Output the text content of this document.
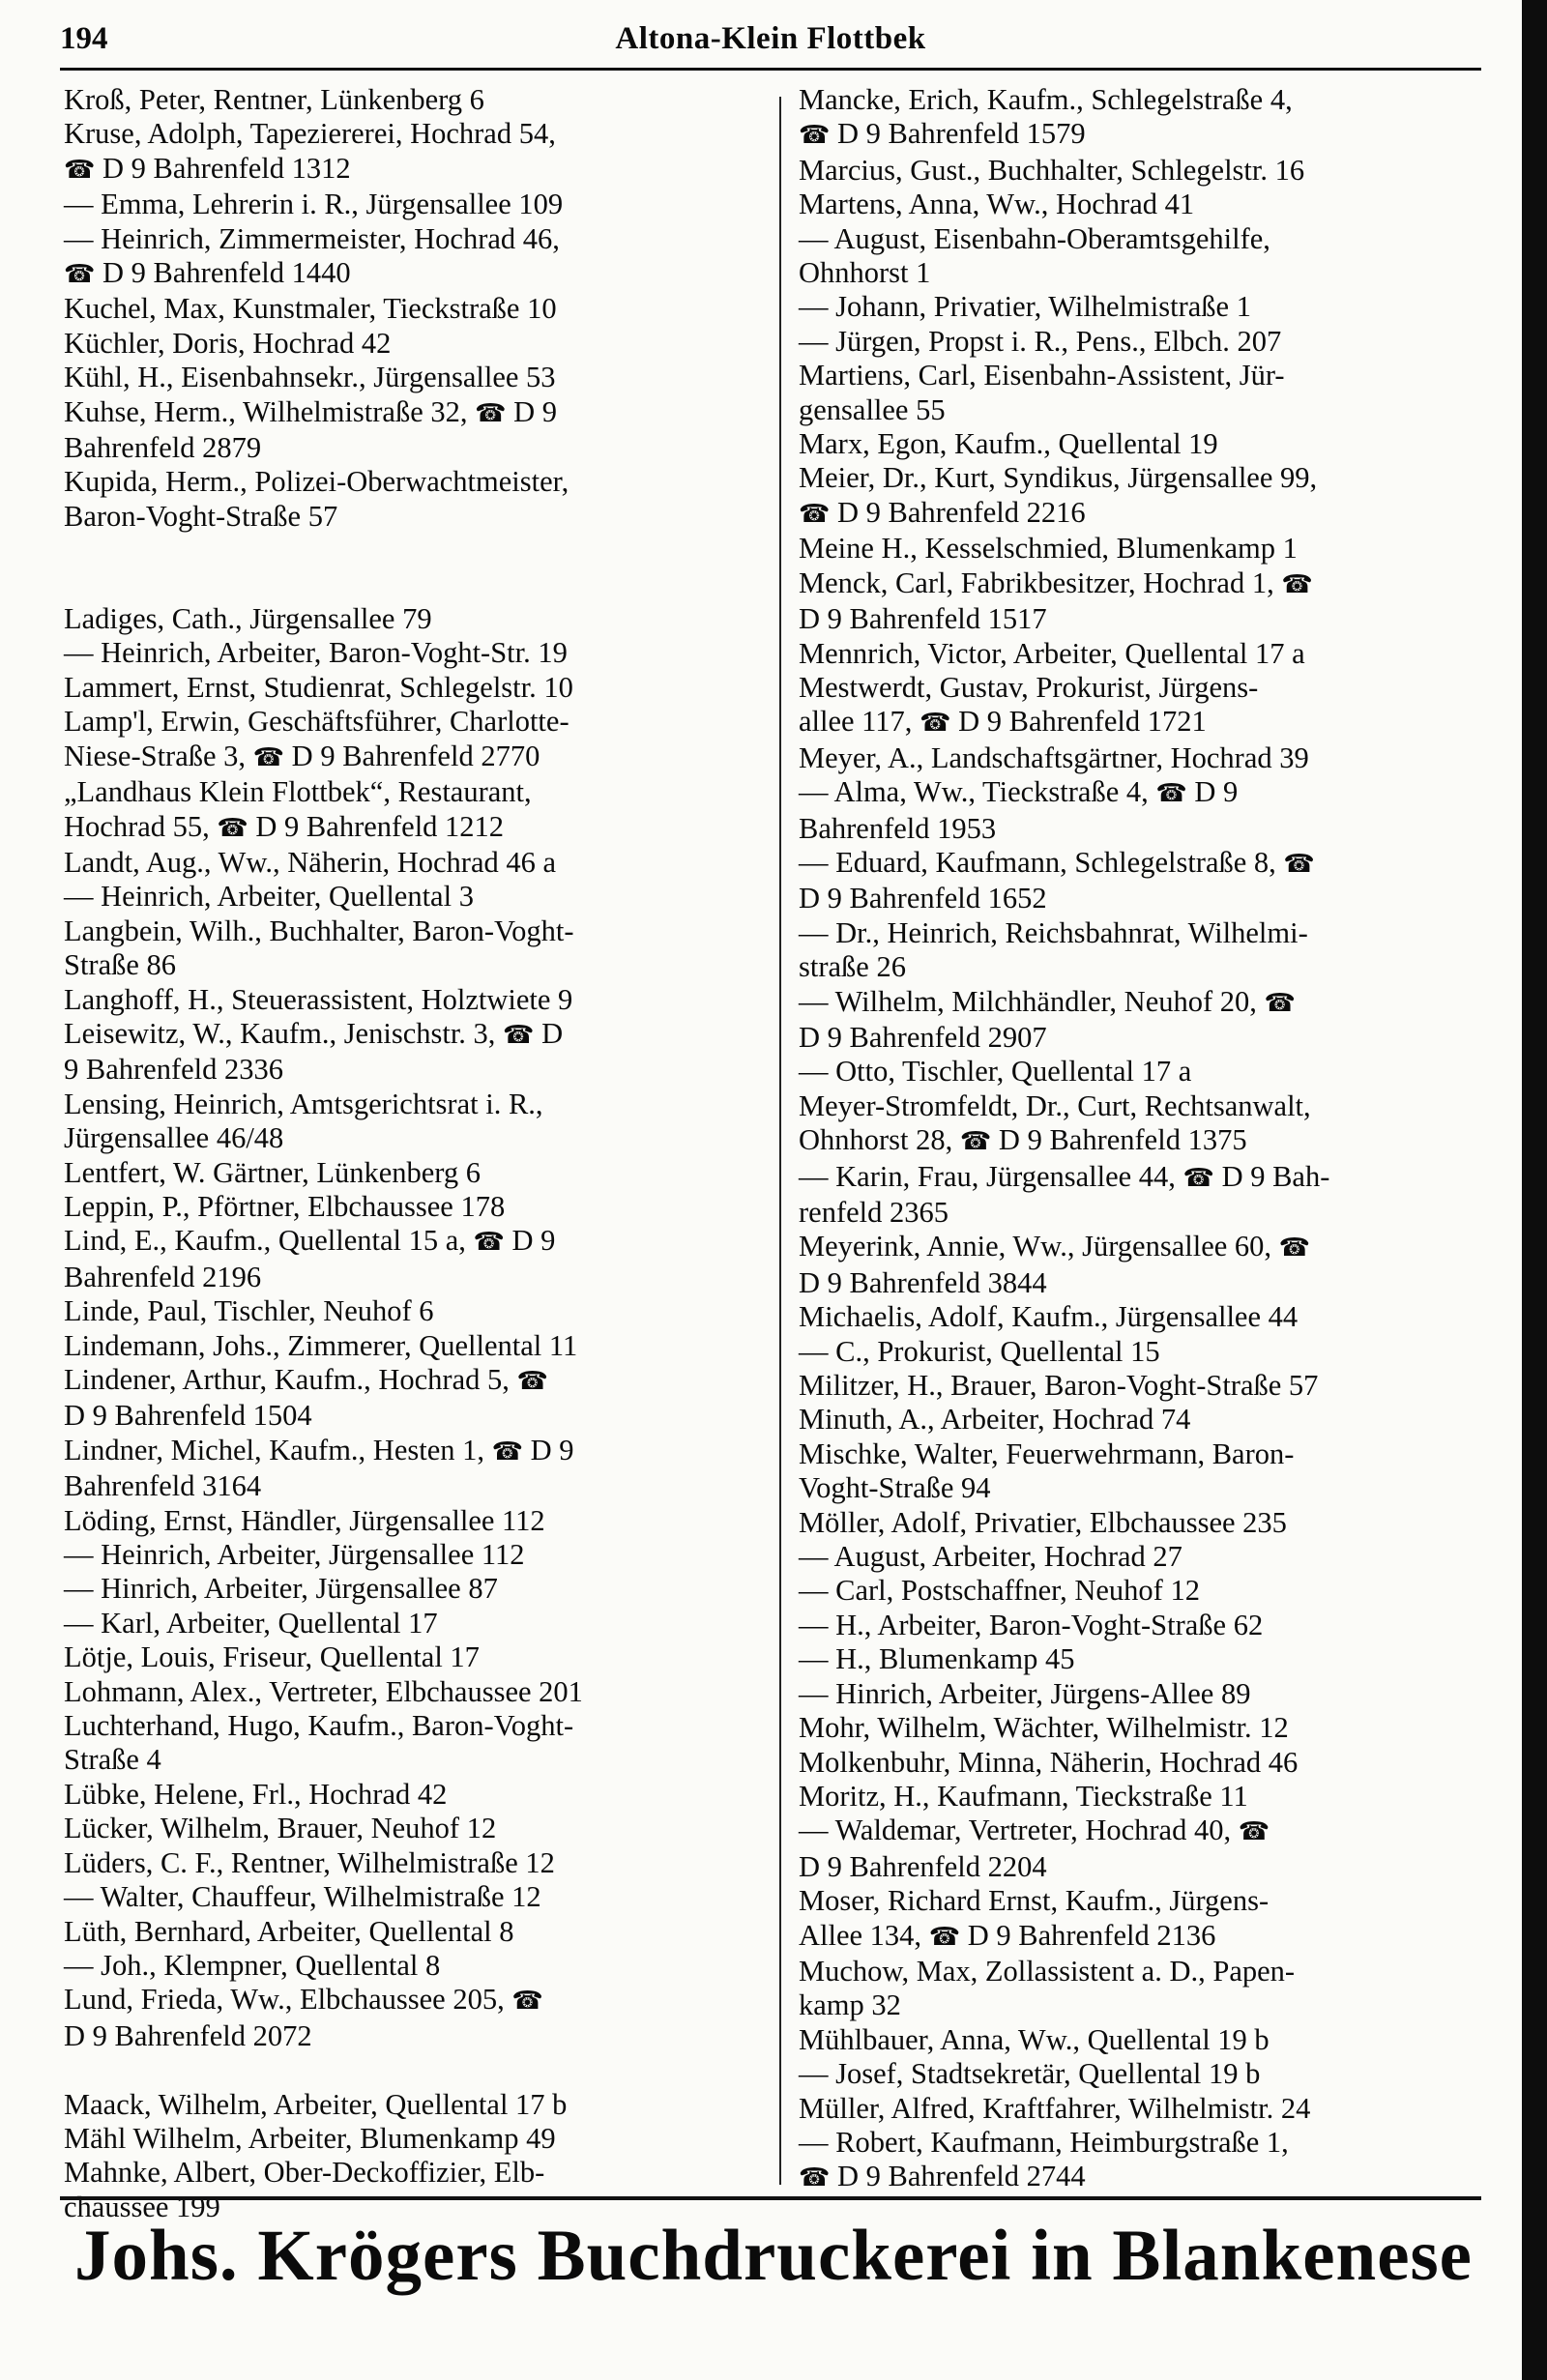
194	Altona-Klein Flottbek
Kroß, Peter, Rentner, Lünkenberg 6
Kruse, Adolph, Tapeziererei, Hochrad 54,
☎ D 9 Bahrenfeld 1312
— Emma, Lehrerin i. R., Jürgensallee 109
— Heinrich, Zimmermeister, Hochrad 46,
☎ D 9 Bahrenfeld 1440
Kuchel, Max, Kunstmaler, Tieckstraße 10
Küchler, Doris, Hochrad 42
Kühl, H., Eisenbahnsekr., Jürgensallee 53
Kuhse, Herm., Wilhelmistraße 32, ☎ D 9
Bahrenfeld 2879
Kupida, Herm., Polizei-Oberwachtmeister,
Baron-Voght-Straße 57
Ladiges, Cath., Jürgensallee 79
— Heinrich, Arbeiter, Baron-Voght-Str. 19
Lammert, Ernst, Studienrat, Schlegelstr. 10
Lamp'l, Erwin, Geschäftsführer, Charlotte-
Niese-Straße 3, ☎ D 9 Bahrenfeld 2770
„Landhaus Klein Flottbek“, Restaurant,
Hochrad 55, ☎ D 9 Bahrenfeld 1212
Landt, Aug., Ww., Näherin, Hochrad 46 a
— Heinrich, Arbeiter, Quellental 3
Langbein, Wilh., Buchhalter, Baron-Voght-
Straße 86
Langhoff, H., Steuerassistent, Holztwiete 9
Leisewitz, W., Kaufm., Jenischstr. 3, ☎ D
9 Bahrenfeld 2336
Lensing, Heinrich, Amtsgerichtsrat i. R.,
Jürgensallee 46/48
Lentfert, W. Gärtner, Lünkenberg 6
Leppin, P., Pförtner, Elbchaussee 178
Lind, E., Kaufm., Quellental 15 a, ☎ D 9
Bahrenfeld 2196
Linde, Paul, Tischler, Neuhof 6
Lindemann, Johs., Zimmerer, Quellental 11
Lindener, Arthur, Kaufm., Hochrad 5, ☎
D 9 Bahrenfeld 1504
Lindner, Michel, Kaufm., Hesten 1, ☎ D 9
Bahrenfeld 3164
Löding, Ernst, Händler, Jürgensallee 112
— Heinrich, Arbeiter, Jürgensallee 112
— Hinrich, Arbeiter, Jürgensallee 87
— Karl, Arbeiter, Quellental 17
Lötje, Louis, Friseur, Quellental 17
Lohmann, Alex., Vertreter, Elbchaussee 201
Luchterhand, Hugo, Kaufm., Baron-Voght-
Straße 4
Lübke, Helene, Frl., Hochrad 42
Lücker, Wilhelm, Brauer, Neuhof 12
Lüders, C. F., Rentner, Wilhelmistraße 12
— Walter, Chauffeur, Wilhelmistraße 12
Lüth, Bernhard, Arbeiter, Quellental 8
— Joh., Klempner, Quellental 8
Lund, Frieda, Ww., Elbchaussee 205, ☎
D 9 Bahrenfeld 2072
Maack, Wilhelm, Arbeiter, Quellental 17 b
Mähl Wilhelm, Arbeiter, Blumenkamp 49
Mahnke, Albert, Ober-Deckoffizier, Elb-
chaussee 199
Mancke, Erich, Kaufm., Schlegelstraße 4,
☎ D 9 Bahrenfeld 1579
Marcius, Gust., Buchhalter, Schlegelstr. 16
Martens, Anna, Ww., Hochrad 41
— August, Eisenbahn-Oberamtsgehilfe,
Ohnhorst 1
— Johann, Privatier, Wilhelmistraße 1
— Jürgen, Propst i. R., Pens., Elbch. 207
Martiens, Carl, Eisenbahn-Assistent, Jür-
gensallee 55
Marx, Egon, Kaufm., Quellental 19
Meier, Dr., Kurt, Syndikus, Jürgensallee 99,
☎ D 9 Bahrenfeld 2216
Meine H., Kesselschmied, Blumenkamp 1
Menck, Carl, Fabrikbesitzer, Hochrad 1, ☎
D 9 Bahrenfeld 1517
Mennrich, Victor, Arbeiter, Quellental 17 a
Mestwerdt, Gustav, Prokurist, Jürgens-
allee 117, ☎ D 9 Bahrenfeld 1721
Meyer, A., Landschaftsgärtner, Hochrad 39
— Alma, Ww., Tieckstraße 4, ☎ D 9
Bahrenfeld 1953
— Eduard, Kaufmann, Schlegelstraße 8, ☎
D 9 Bahrenfeld 1652
— Dr., Heinrich, Reichsbahnrat, Wilhelmi-
straße 26
— Wilhelm, Milchhändler, Neuhof 20, ☎
D 9 Bahrenfeld 2907
— Otto, Tischler, Quellental 17 a
Meyer-Stromfeldt, Dr., Curt, Rechtsanwalt,
Ohnhorst 28, ☎ D 9 Bahrenfeld 1375
— Karin, Frau, Jürgensallee 44, ☎ D 9 Bah-
renfeld 2365
Meyerink, Annie, Ww., Jürgensallee 60, ☎
D 9 Bahrenfeld 3844
Michaelis, Adolf, Kaufm., Jürgensallee 44
— C., Prokurist, Quellental 15
Militzer, H., Brauer, Baron-Voght-Straße 57
Minuth, A., Arbeiter, Hochrad 74
Mischke, Walter, Feuerwehrmann, Baron-
Voght-Straße 94
Möller, Adolf, Privatier, Elbchaussee 235
— August, Arbeiter, Hochrad 27
— Carl, Postschaffner, Neuhof 12
— H., Arbeiter, Baron-Voght-Straße 62
— H., Blumenkamp 45
— Hinrich, Arbeiter, Jürgens-Allee 89
Mohr, Wilhelm, Wächter, Wilhelmistr. 12
Molkenbuhr, Minna, Näherin, Hochrad 46
Moritz, H., Kaufmann, Tieckstraße 11
— Waldemar, Vertreter, Hochrad 40, ☎
D 9 Bahrenfeld 2204
Moser, Richard Ernst, Kaufm., Jürgens-
Allee 134, ☎ D 9 Bahrenfeld 2136
Muchow, Max, Zollassistent a. D., Papen-
kamp 32
Mühlbauer, Anna, Ww., Quellental 19 b
— Josef, Stadtsekretär, Quellental 19 b
Müller, Alfred, Kraftfahrer, Wilhelmistr. 24
— Robert, Kaufmann, Heimburgstraße 1,
☎ D 9 Bahrenfeld 2744
Johs. Krögers Buchdruckerei in Blankenese
